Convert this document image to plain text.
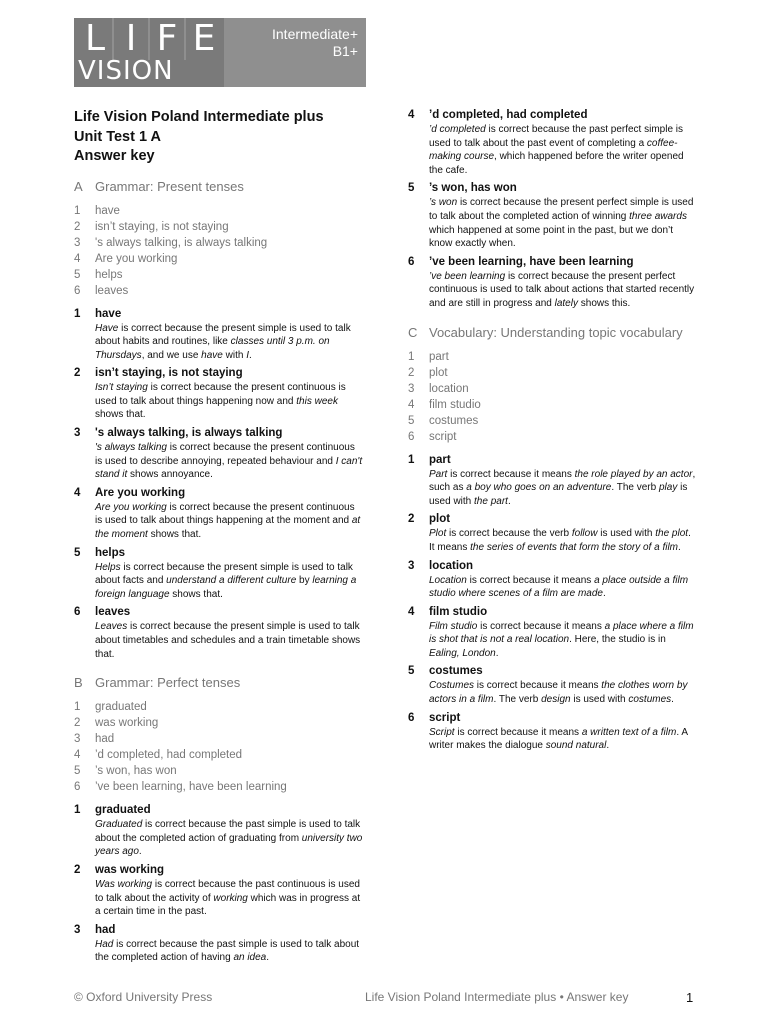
L I F E
VISION
Intermediate+
B1+
Life Vision Poland Intermediate plus
Unit Test 1 A
Answer key
A Grammar: Present tenses
1	have
2	isn’t staying, is not staying
3	's always talking, is always talking
4	Are you working
5	helps
6	leaves
1	have
Have is correct because the present simple is used to talk about habits and routines, like classes until 3 p.m. on Thursdays, and we use have with I.
2	isn’t staying, is not staying
Isn’t staying is correct because the present continuous is used to talk about things happening now and this week shows that.
3	's always talking, is always talking
's always talking is correct because the present continuous is used to describe annoying, repeated behaviour and I can't stand it shows annoyance.
4	Are you working
Are you working is correct because the present continuous is used to talk about things happening at the moment and at the moment shows that.
5	helps
Helps is correct because the present simple is used to talk about facts and understand a different culture by learning a foreign language shows that.
6	leaves
Leaves is correct because the present simple is used to talk about timetables and schedules and a train timetable shows that.
B Grammar: Perfect tenses
1	graduated
2	was working
3	had
4	’d completed, had completed
5	’s won, has won
6	’ve been learning, have been learning
1	graduated
Graduated is correct because the past simple is used to talk about the completed action of graduating from university two years ago.
2	was working
Was working is correct because the past continuous is used to talk about the activity of working which was in progress at a certain time in the past.
3	had
Had is correct because the past simple is used to talk about the completed action of having an idea.
4	’d completed, had completed
’d completed is correct because the past perfect simple is used to talk about the past event of completing a coffee-making course, which happened before the writer opened the cafe.
5	’s won, has won
’s won is correct because the present perfect simple is used to talk about the completed action of winning three awards which happened at some point in the past, but we don’t know exactly when.
6	’ve been learning, have been learning
’ve been learning is correct because the present perfect continuous is used to talk about actions that started recently and are still in progress and lately shows this.
C Vocabulary: Understanding topic vocabulary
1	part
2	plot
3	location
4	film studio
5	costumes
6	script
1	part
Part is correct because it means the role played by an actor, such as a boy who goes on an adventure. The verb play is used with the part.
2	plot
Plot is correct because the verb follow is used with the plot. It means the series of events that form the story of a film.
3	location
Location is correct because it means a place outside a film studio where scenes of a film are made.
4	film studio
Film studio is correct because it means a place where a film is shot that is not a real location. Here, the studio is in Ealing, London.
5	costumes
Costumes is correct because it means the clothes worn by actors in a film. The verb design is used with costumes.
6	script
Script is correct because it means a written text of a film. A writer makes the dialogue sound natural.
© Oxford University Press	Life Vision Poland Intermediate plus • Answer key	1
